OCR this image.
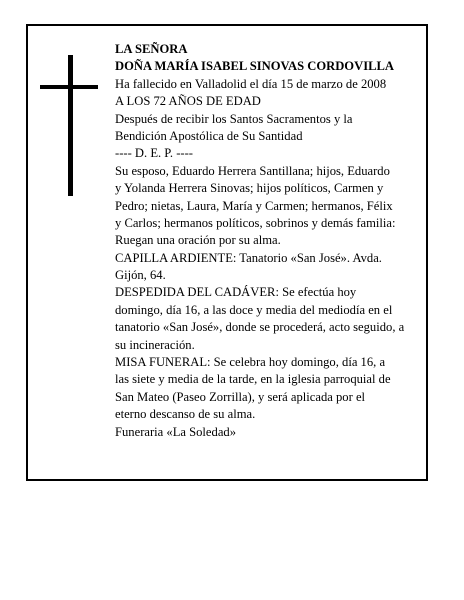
LA SEÑORA
DOÑA MARÍA ISABEL SINOVAS CORDOVILLA
Ha fallecido en Valladolid el día 15 de marzo de 2008
A LOS 72 AÑOS DE EDAD
Después de recibir los Santos Sacramentos y la
Bendición Apostólica de Su Santidad
---- D. E. P. ----
Su esposo, Eduardo Herrera Santillana; hijos, Eduardo
y Yolanda Herrera Sinovas; hijos políticos, Carmen y
Pedro; nietas, Laura, María y Carmen; hermanos, Félix
y Carlos; hermanos políticos, sobrinos y demás familia:
Ruegan una oración por su alma.
CAPILLA ARDIENTE: Tanatorio «San José». Avda.
Gijón, 64.
DESPEDIDA DEL CADÁVER: Se efectúa hoy
domingo, día 16, a las doce y media del mediodía en el
tanatorio «San José», donde se procederá, acto seguido, a
su incineración.
MISA FUNERAL: Se celebra hoy domingo, día 16, a
las siete y media de la tarde, en la iglesia parroquial de
San Mateo (Paseo Zorrilla), y será aplicada por el
eterno descanso de su alma.
Funeraria «La Soledad»
